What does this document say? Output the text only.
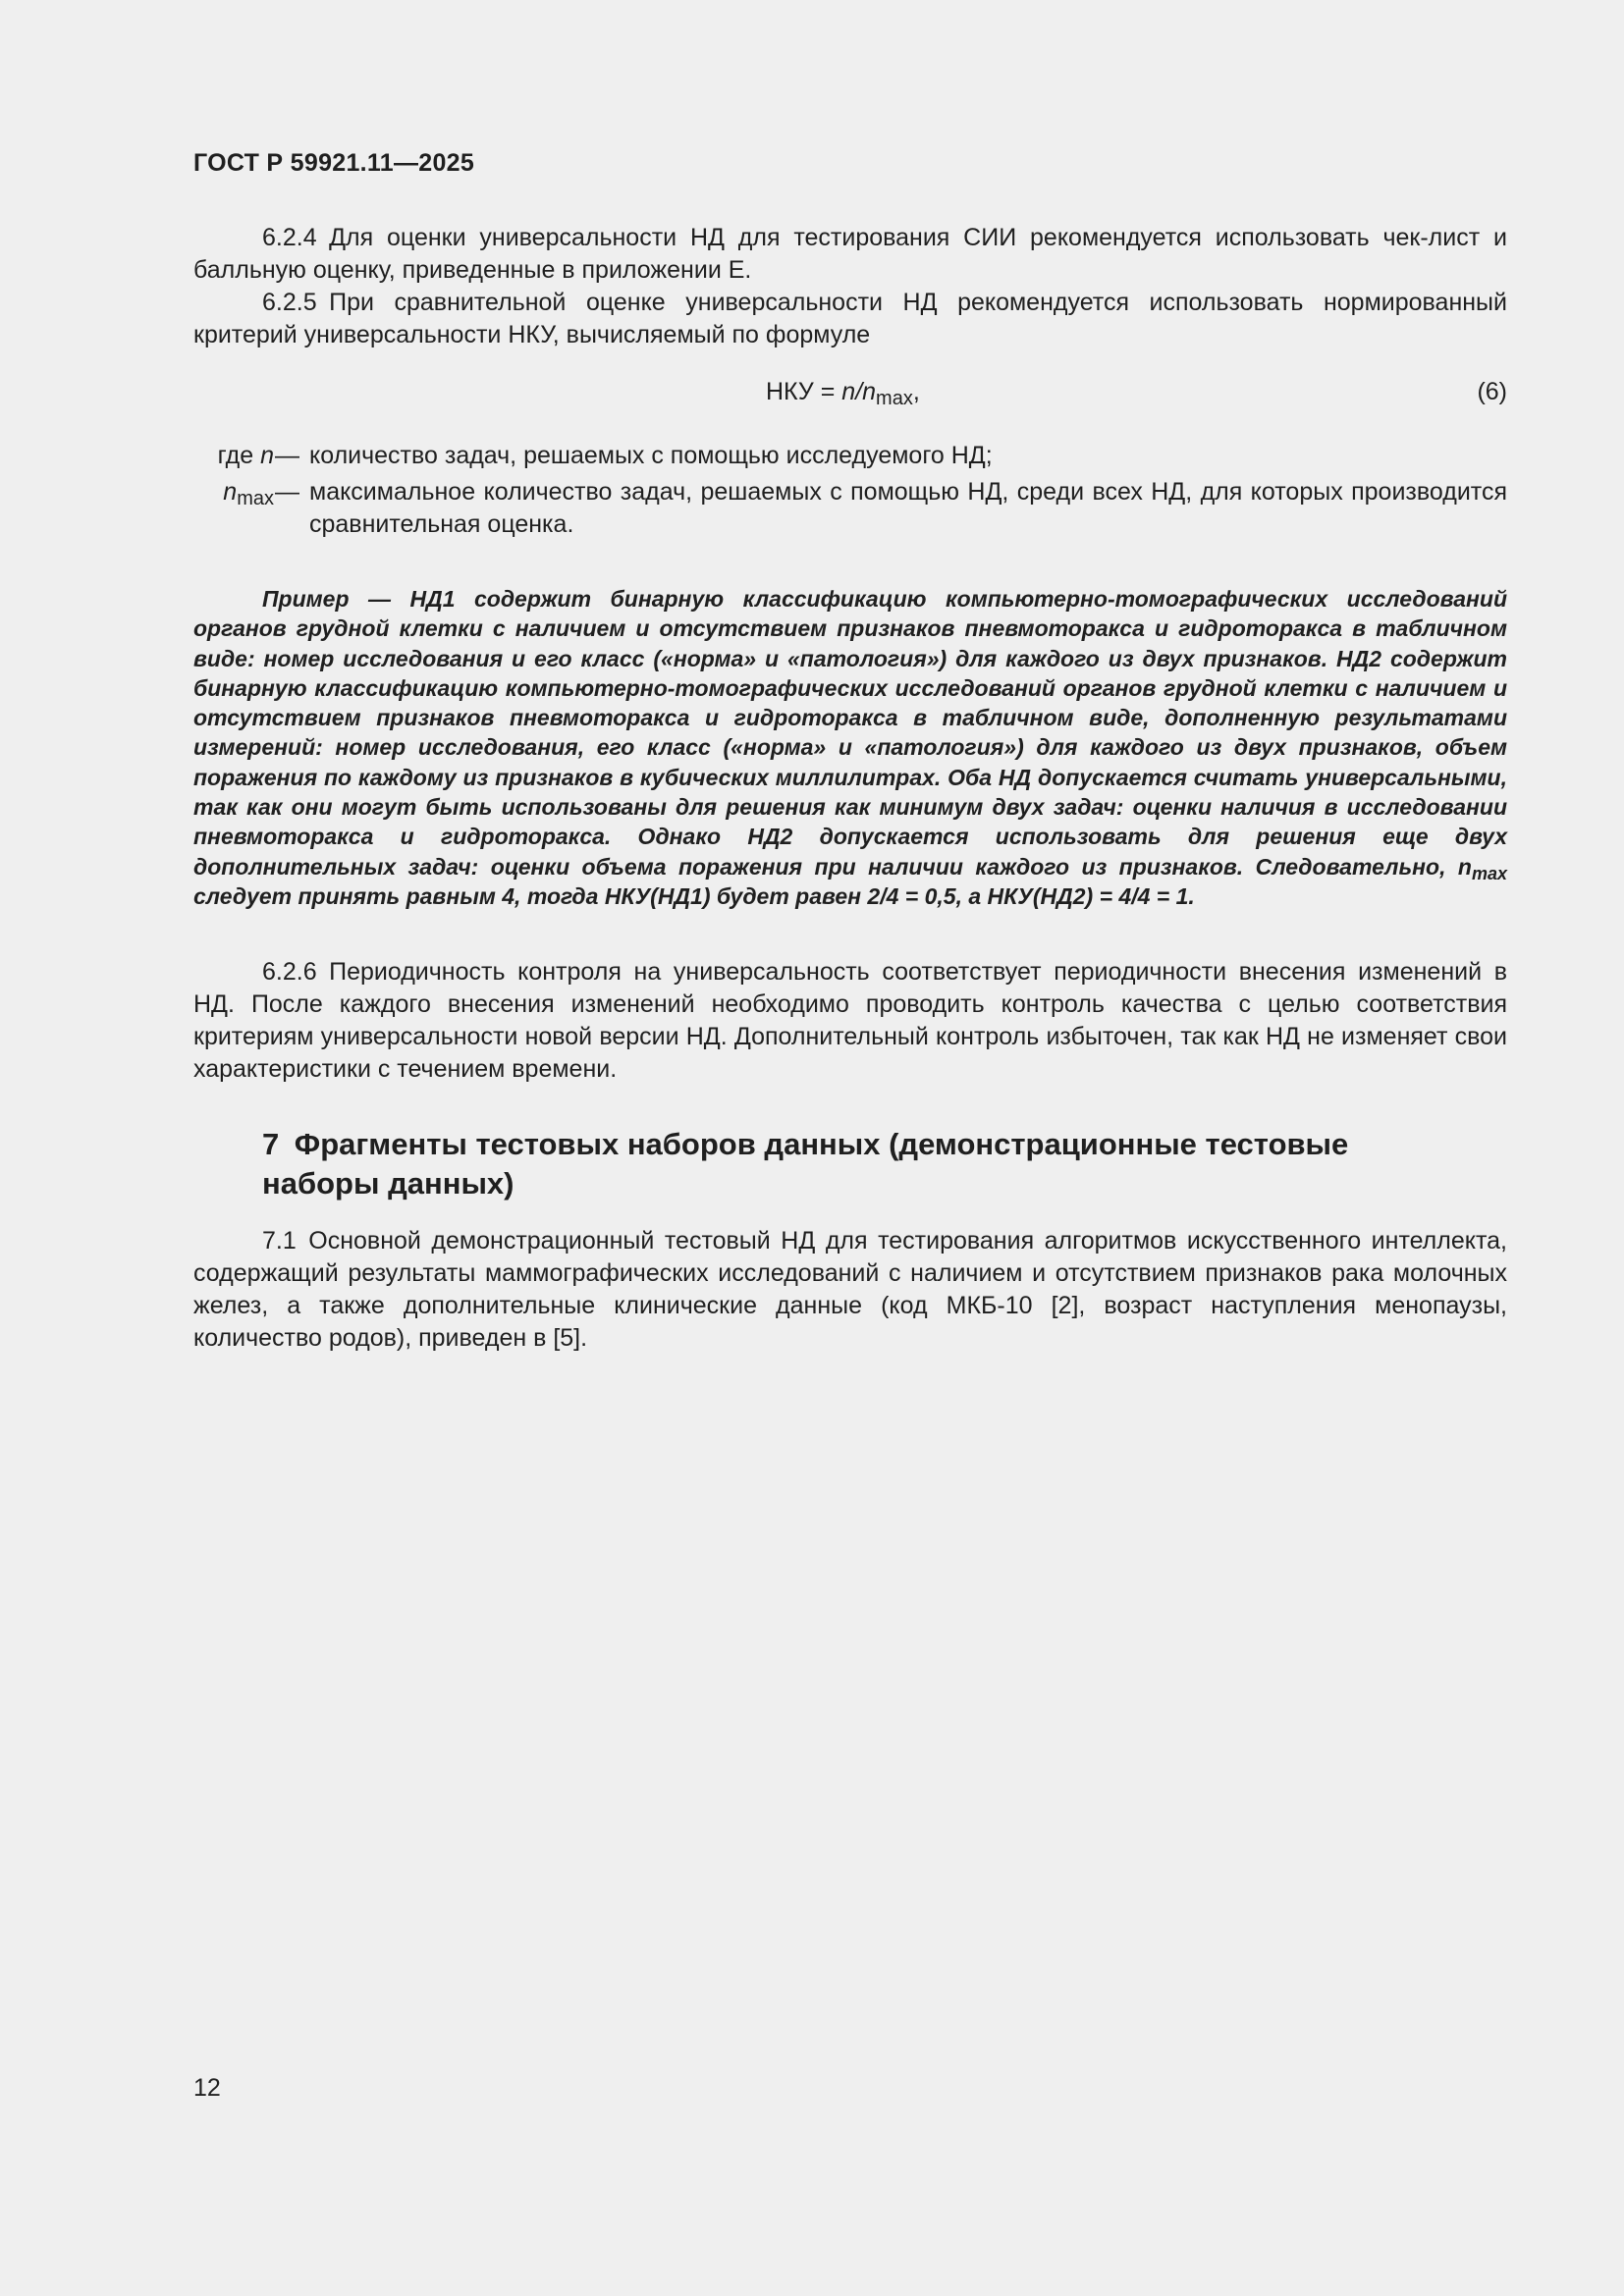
ГОСТ Р 59921.11—2025
6.2.4  Для оценки универсальности НД для тестирования СИИ рекомендуется использовать чек-лист и балльную оценку, приведенные в приложении Е.
6.2.5  При сравнительной оценке универсальности НД рекомендуется использовать нормированный критерий универсальности НКУ, вычисляемый по формуле
НКУ = $n/n_{max}$,	(6)
где n — количество задач, решаемых с помощью исследуемого НД;
$n_{max}$ — максимальное количество задач, решаемых с помощью НД, среди всех НД, для которых производится сравнительная оценка.
Пример — НД1 содержит бинарную классификацию компьютерно-томографических исследований органов грудной клетки с наличием и отсутствием признаков пневмоторакса и гидроторакса в табличном виде: номер исследования и его класс («норма» и «патология») для каждого из двух признаков. НД2 содержит бинарную классификацию компьютерно-томографических исследований органов грудной клетки с наличием и отсутствием признаков пневмоторакса и гидроторакса в табличном виде, дополненную результатами измерений: номер исследования, его класс («норма» и «патология») для каждого из двух признаков, объем поражения по каждому из признаков в кубических миллилитрах. Оба НД допускается считать универсальными, так как они могут быть использованы для решения как минимум двух задач: оценки наличия в исследовании пневмоторакса и гидроторакса. Однако НД2 допускается использовать для решения еще двух дополнительных задач: оценки объема поражения при наличии каждого из признаков. Следовательно, $n_{max}$ следует принять равным 4, тогда НКУ(НД1) будет равен 2/4 = 0,5, а НКУ(НД2) = 4/4 = 1.
6.2.6  Периодичность контроля на универсальность соответствует периодичности внесения изменений в НД. После каждого внесения изменений необходимо проводить контроль качества с целью соответствия критериям универсальности новой версии НД. Дополнительный контроль избыточен, так как НД не изменяет свои характеристики с течением времени.
7  Фрагменты тестовых наборов данных (демонстрационные тестовые наборы данных)
7.1  Основной демонстрационный тестовый НД для тестирования алгоритмов искусственного интеллекта, содержащий результаты маммографических исследований с наличием и отсутствием признаков рака молочных желез, а также дополнительные клинические данные (код МКБ-10 [2], возраст наступления менопаузы, количество родов), приведен в [5].
12
